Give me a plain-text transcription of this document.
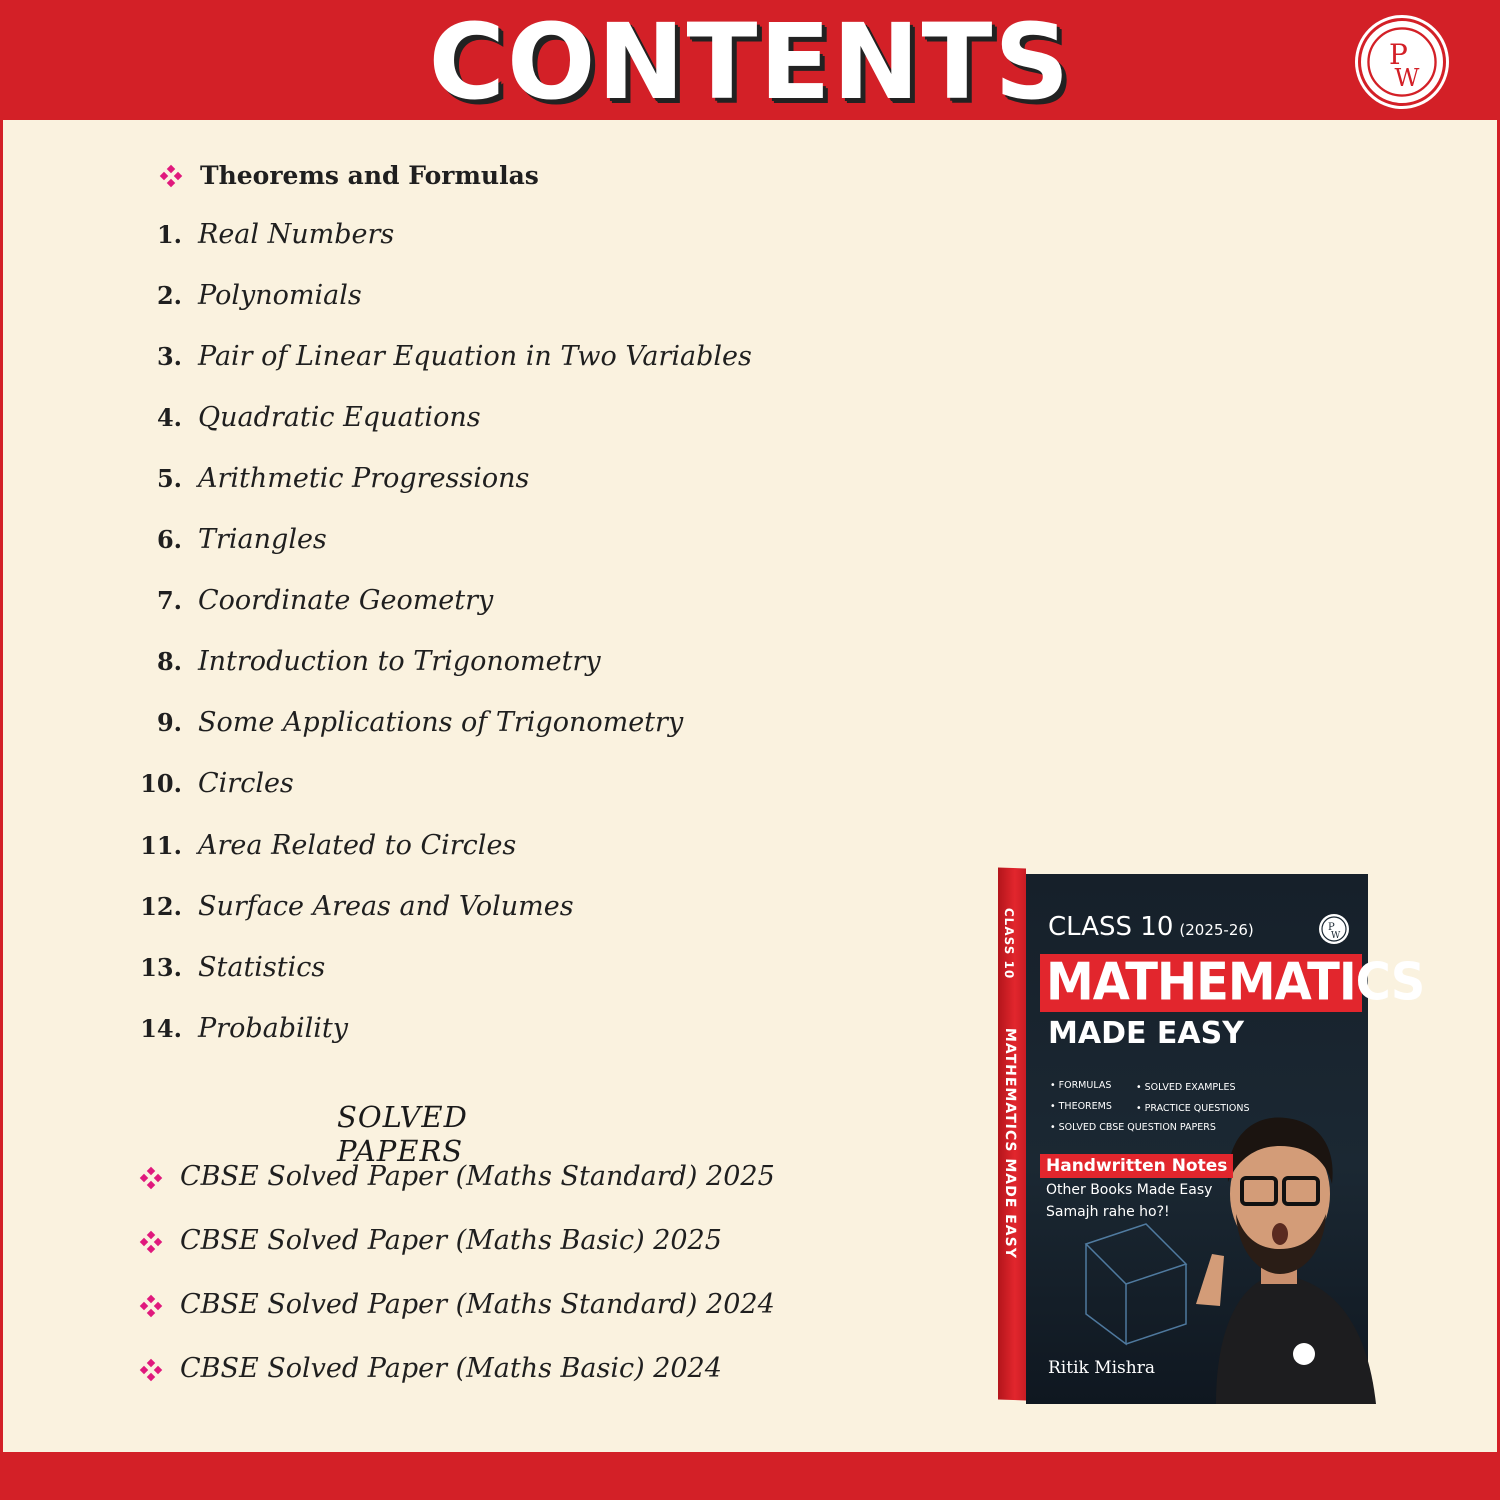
CONTENTS	P
W
Theorems and Formulas
1. Real Numbers
2. Polynomials
3. Pair of Linear Equation in Two Variables
4. Quadratic Equations
5. Arithmetic Progressions
6. Triangles
7. Coordinate Geometry
8. Introduction to Trigonometry
9. Some Applications of Trigonometry
10. Circles
11. Area Related to Circles
12. Surface Areas and Volumes
13. Statistics
14. Probability
SOLVED PAPERS
CBSE Solved Paper (Maths Standard) 2025
CBSE Solved Paper (Maths Basic) 2025
CBSE Solved Paper (Maths Standard) 2024
CBSE Solved Paper (Maths Basic) 2024
CLASS 10
MATHEMATICS MADE EASY
CLASS 10 (2025-26)	P
W
MATHEMATICS
MADE EASY
• FORMULAS
• THEOREMS
• SOLVED CBSE QUESTION PAPERS
• SOLVED EXAMPLES
• PRACTICE QUESTIONS
Handwritten Notes
Other Books Made Easy
Samajh rahe ho?!
Ritik Mishra
